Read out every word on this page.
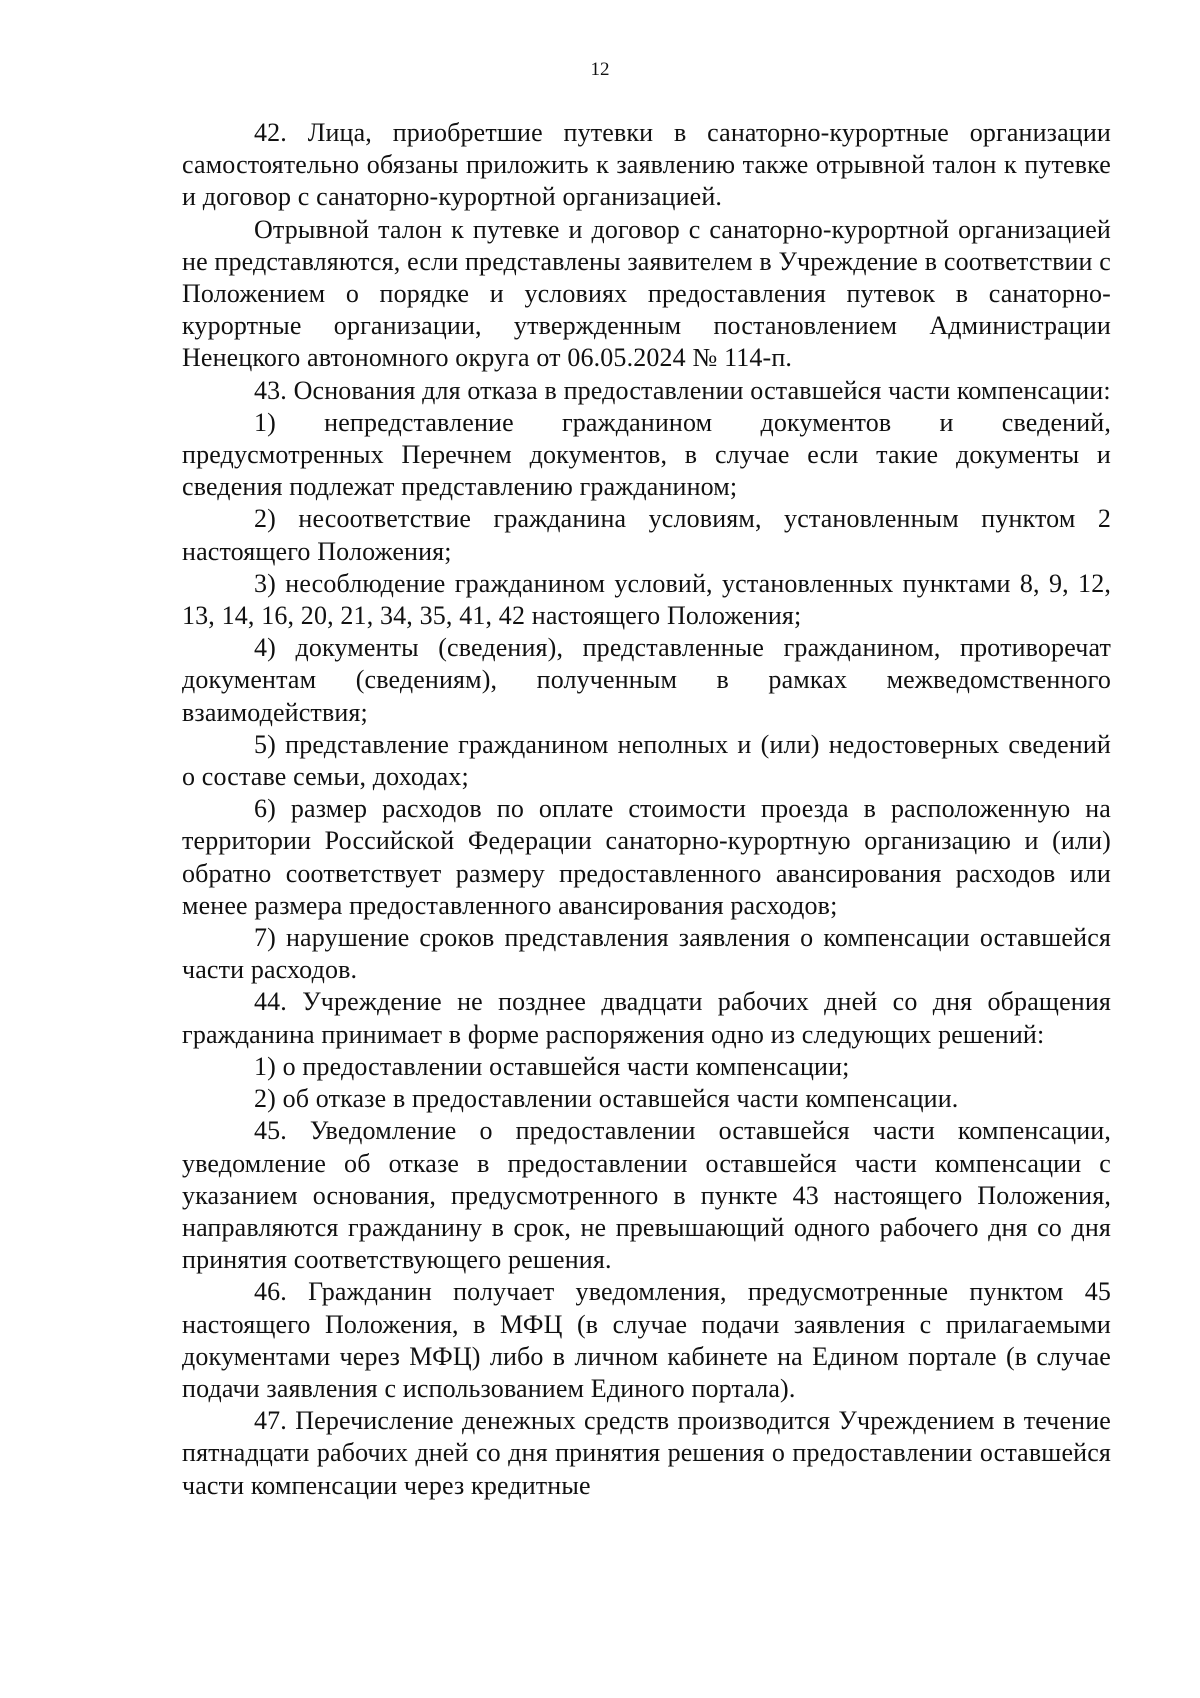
12

42. Лица, приобретшие путевки в санаторно-курортные организации самостоятельно обязаны приложить к заявлению также отрывной талон к путевке и договор с санаторно-курортной организацией.

Отрывной талон к путевке и договор с санаторно-курортной организацией не представляются, если представлены заявителем в Учреждение в соответствии с Положением о порядке и условиях предоставления путевок в санаторно-курортные организации, утвержденным постановлением Администрации Ненецкого автономного округа от 06.05.2024 № 114-п.

43. Основания для отказа в предоставлении оставшейся части компенсации:

1) непредставление гражданином документов и сведений, предусмотренных Перечнем документов, в случае если такие документы и сведения подлежат представлению гражданином;

2) несоответствие гражданина условиям, установленным пунктом 2 настоящего Положения;

3) несоблюдение гражданином условий, установленных пунктами 8, 9, 12, 13, 14, 16, 20, 21, 34, 35, 41, 42 настоящего Положения;

4) документы (сведения), представленные гражданином, противоречат документам (сведениям), полученным в рамках межведомственного взаимодействия;

5) представление гражданином неполных и (или) недостоверных сведений о составе семьи, доходах;

6) размер расходов по оплате стоимости проезда в расположенную на территории Российской Федерации санаторно-курортную организацию и (или) обратно соответствует размеру предоставленного авансирования расходов или менее размера предоставленного авансирования расходов;

7) нарушение сроков представления заявления о компенсации оставшейся части расходов.

44. Учреждение не позднее двадцати рабочих дней со дня обращения гражданина принимает в форме распоряжения одно из следующих решений:

1) о предоставлении оставшейся части компенсации;

2) об отказе в предоставлении оставшейся части компенсации.

45. Уведомление о предоставлении оставшейся части компенсации, уведомление об отказе в предоставлении оставшейся части компенсации с указанием основания, предусмотренного в пункте 43 настоящего Положения, направляются гражданину в срок, не превышающий одного рабочего дня со дня принятия соответствующего решения.

46. Гражданин получает уведомления, предусмотренные пунктом 45 настоящего Положения, в МФЦ (в случае подачи заявления с прилагаемыми документами через МФЦ) либо в личном кабинете на Едином портале (в случае подачи заявления с использованием Единого портала).

47. Перечисление денежных средств производится Учреждением в течение пятнадцати рабочих дней со дня принятия решения о предоставлении оставшейся части компенсации через кредитные
